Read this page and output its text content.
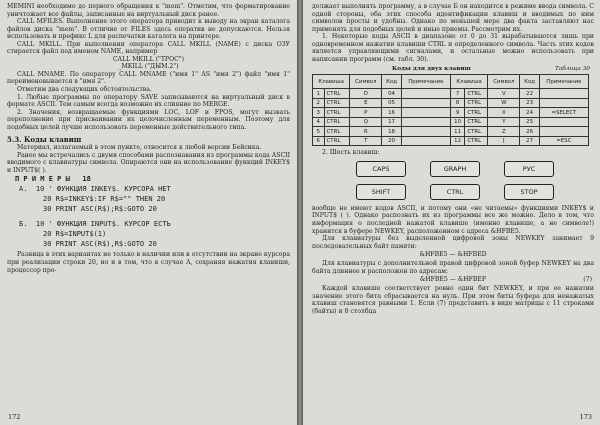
MEMINI необходимо до первого обращения к "mem". Отметим, что форматирование уничтожает все файлы, записанные на виртуальный диск ранее.

CALL MFILES. Выполнение этого оператора приводит к выводу на экран каталога файлов диска "mem". В отличие от FILES здесь оператив не допускаются. Нельзя использовать и префикс L для распечатки каталога на принтере.

CALL MKILL. При выполнении оператора CALL MKILL (NAME) с диска ОЗУ стирается файл под именем NAME, например

CALL MKILL ("ТРОС")

_MKILL ("ДЫМ.2")

CALL MNAME. По оператору CALL MNAME ("имя 1" AS "имя 2") файл "имя 1" переименовывается в "имя 2".

Отметим два следующих обстоятельства.

1. Любые программы по оператору SAVE записываются на виртуальный диск в формате ASCII. Тем самым всегда возможно их слияние по MERGE.

2. Значения, возвращаемые функциями LOC, LOF и FPOS, могут вызвать переполнение при присваивании их целочисленным переменным. Поэтому для подобных целей лучше использовать переменные действительного типа.

5.3. Коды клавиш

Материал, излагаемый в этом пункте, относится к любой версии Бейсика.

Ранее мы встречались с двумя способами распознавания из программы кода ASCII вводимого с клавиатуры символа. Опираются они на использование функций INKEY$ и INPUT$( ).

П Р И М Е Р Ы   18

А.  10 ' ФУНКЦИЯ INKEY$. КУРСОРА НЕТ

20 R$=INKEY$:IF R$="" THEN 20

30 PRINT ASC(R$);R$:GOTO 20

Б.  10 ' ФУНКЦИЯ INPUT$. КУРСОР ЕСТЬ

20 R$=INPUT$(1)

30 PRINT ASC(R$),R$:GOTO 20

Разница в этих вариантах не только в наличии или в отсутствии на экране курсора при реализации строки 20, но и в том, что в случае А, сохраняя нажатия клавиши, процессор про-

172

должает выполнять программу, а в случае Б он находится в режиме ввода символа. С одной стороны, оба этих способа идентификации клавиш и вводимых по ним символов просты и удобны. Однако по меньшей мере два факта заставляют нас применять для подобных целей и иные приемы. Рассмотрим их.

1. Некоторые коды ASCII в диапазоне от 0 до 31 вырабатываются лишь при одновременном нажатии клавиши CTRL и определенного символа. Часть этих кодов является управляющими сигналами, и остальные можно использовать при написании программ (см. табл. 30).

Коды для двух клавиш	Таблица 30
Клавиша		Символ	Код	Примечание	Клавиша		Символ	Код	Примечание
1	CTRL	D	04		7	CTRL	V	22	
2	CTRL	E	05		8	CTRL	W	23	
3	CTRL	P	16		9	CTRL	X	24	=SELECT
4	CTRL	Q	17		10	CTRL	Y	25	
5	CTRL	R	18		11	CTRL	Z	26	
6	CTRL	T	20		12	CTRL	[	27	=ESC

2. Шесть клавиш:

CAPS	GRAPH	РУС
SHIFT	CTRL	STOP

вообще не имеют кодов ASCII, и потому они «не читаемы» функциями INKEY$ и INPUT$ ( ). Однако распознать их из программы все же можно. Дело в том, что информация о последней нажатой клавише (именно клавише, а не символе!) хранится в буфере NEWKEY, расположенном с адреса &HFBE5.

Для клавиатуры без выделенной цифровой зоны NEWKEY занимает 9 последовательных байт памяти:

&HFBE5 — &HFBED

Для клавиатуры с дополнительной правой цифровой зоной буфер NEWKEY на два байта длиннее и расположен по адресам:

&HFBE5 — &HFBEF	(7)

Каждой клавише соответствует ровно один бит NEWKEY, и при ее нажатии значение этого бита сбрасывается на нуль. При этом биты буфера для ненажатых клавиш становятся равными 1. Если (7) представить в виде матрицы с 11 строками (байты) и 8 столбца

173
